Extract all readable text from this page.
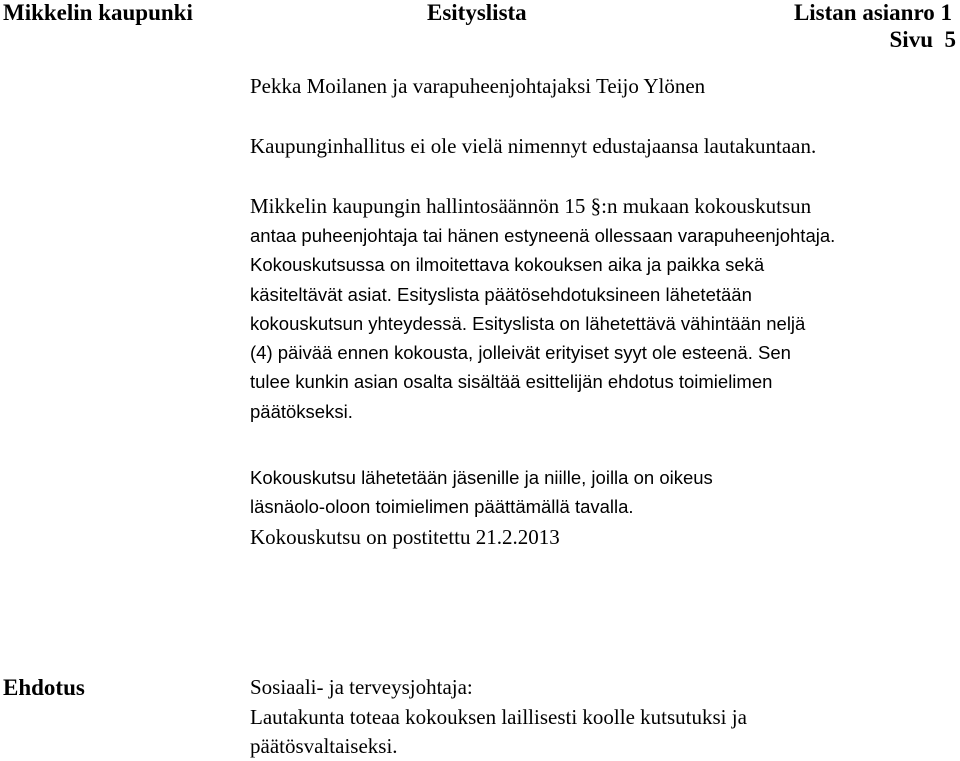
Mikkelin kaupunki	Esityslista	Listan asianro 1
Sivu  5

Pekka Moilanen ja varapuheenjohtajaksi Teijo Ylönen

Kaupunginhallitus ei ole vielä nimennyt edustajaansa lautakuntaan.

Mikkelin kaupungin hallintosäännön 15 §:n mukaan kokouskutsun

antaa puheenjohtaja tai hänen estyneenä ollessaan varapuheenjohtaja.

Kokouskutsussa on ilmoitettava kokouksen aika ja paikka sekä

käsiteltävät asiat. Esityslista päätösehdotuksineen lähetetään

kokouskutsun yhteydessä. Esityslista on lähetettävä vähintään neljä

(4) päivää ennen kokousta, jolleivät erityiset syyt ole esteenä. Sen

tulee kunkin asian osalta sisältää esittelijän ehdotus toimielimen

päätökseksi.

Kokouskutsu lähetetään jäsenille ja niille, joilla on oikeus

läsnäolo-oloon toimielimen päättämällä tavalla.

Kokouskutsu on postitettu 21.2.2013

Ehdotus	Sosiaali- ja terveysjohtaja:

Lautakunta toteaa kokouksen laillisesti koolle kutsutuksi ja

päätösvaltaiseksi.
